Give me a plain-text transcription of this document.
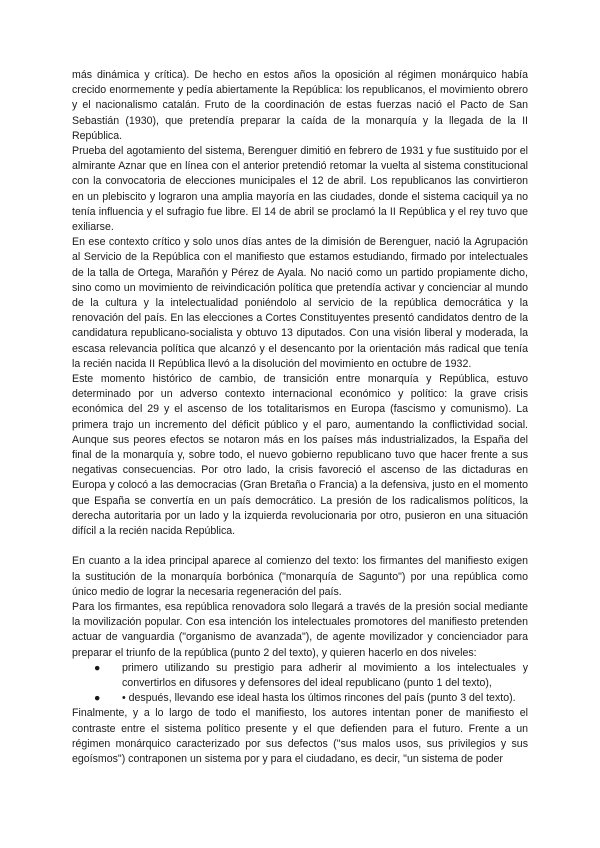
más dinámica y crítica). De hecho en estos años la oposición al régimen monárquico había crecido enormemente y pedía abiertamente la República: los republicanos, el movimiento obrero y el nacionalismo catalán. Fruto de la coordinación de estas fuerzas nació el Pacto de San Sebastián (1930), que pretendía preparar la caída de la monarquía y la llegada de la II República.

Prueba del agotamiento del sistema, Berenguer dimitió en febrero de 1931 y fue sustituido por el almirante Aznar que en línea con el anterior pretendió retomar la vuelta al sistema constitucional con la convocatoria de elecciones municipales el 12 de abril. Los republicanos las convirtieron en un plebiscito y lograron una amplia mayoría en las ciudades, donde el sistema caciquil ya no tenía influencia y el sufragio fue libre. El 14 de abril se proclamó la II República y el rey tuvo que exiliarse.

En ese contexto crítico y solo unos días antes de la dimisión de Berenguer, nació la Agrupación al Servicio de la República con el manifiesto que estamos estudiando, firmado por intelectuales de la talla de Ortega, Marañón y Pérez de Ayala. No nació como un partido propiamente dicho, sino como un movimiento de reivindicación política que pretendía activar y concienciar al mundo de la cultura y la intelectualidad poniéndolo al servicio de la república democrática y la renovación del país. En las elecciones a Cortes Constituyentes presentó candidatos dentro de la candidatura republicano-socialista y obtuvo 13 diputados. Con una visión liberal y moderada, la escasa relevancia política que alcanzó y el desencanto por la orientación más radical que tenía la recién nacida II República llevó a la disolución del movimiento en octubre de 1932.

Este momento histórico de cambio, de transición entre monarquía y República, estuvo determinado por un adverso contexto internacional económico y político: la grave crisis económica del 29 y el ascenso de los totalitarismos en Europa (fascismo y comunismo). La primera trajo un incremento del déficit público y el paro, aumentando la conflictividad social. Aunque sus peores efectos se notaron más en los países más industrializados, la España del final de la monarquía y, sobre todo, el nuevo gobierno republicano tuvo que hacer frente a sus negativas consecuencias. Por otro lado, la crisis favoreció el ascenso de las dictaduras en Europa y colocó a las democracias (Gran Bretaña o Francia) a la defensiva, justo en el momento que España se convertía en un país democrático. La presión de los radicalismos políticos, la derecha autoritaria por un lado y la izquierda revolucionaria por otro, pusieron en una situación difícil a la recién nacida República.

En cuanto a la idea principal aparece al comienzo del texto: los firmantes del manifiesto exigen la sustitución de la monarquía borbónica ("monarquía de Sagunto") por una república como único medio de lograr la necesaria regeneración del país.

Para los firmantes, esa república renovadora solo llegará a través de la presión social mediante la movilización popular. Con esa intención los intelectuales promotores del manifiesto pretenden actuar de vanguardia ("organismo de avanzada"), de agente movilizador y concienciador para preparar el triunfo de la república (punto 2 del texto), y quieren hacerlo en dos niveles:

● primero utilizando su prestigio para adherir al movimiento a los intelectuales y convertirlos en difusores y defensores del ideal republicano (punto 1 del texto),
● • después, llevando ese ideal hasta los últimos rincones del país (punto 3 del texto).

Finalmente, y a lo largo de todo el manifiesto, los autores intentan poner de manifiesto el contraste entre el sistema político presente y el que defienden para el futuro. Frente a un régimen monárquico caracterizado por sus defectos ("sus malos usos, sus privilegios y sus egoísmos") contraponen un sistema por y para el ciudadano, es decir, "un sistema de poder
